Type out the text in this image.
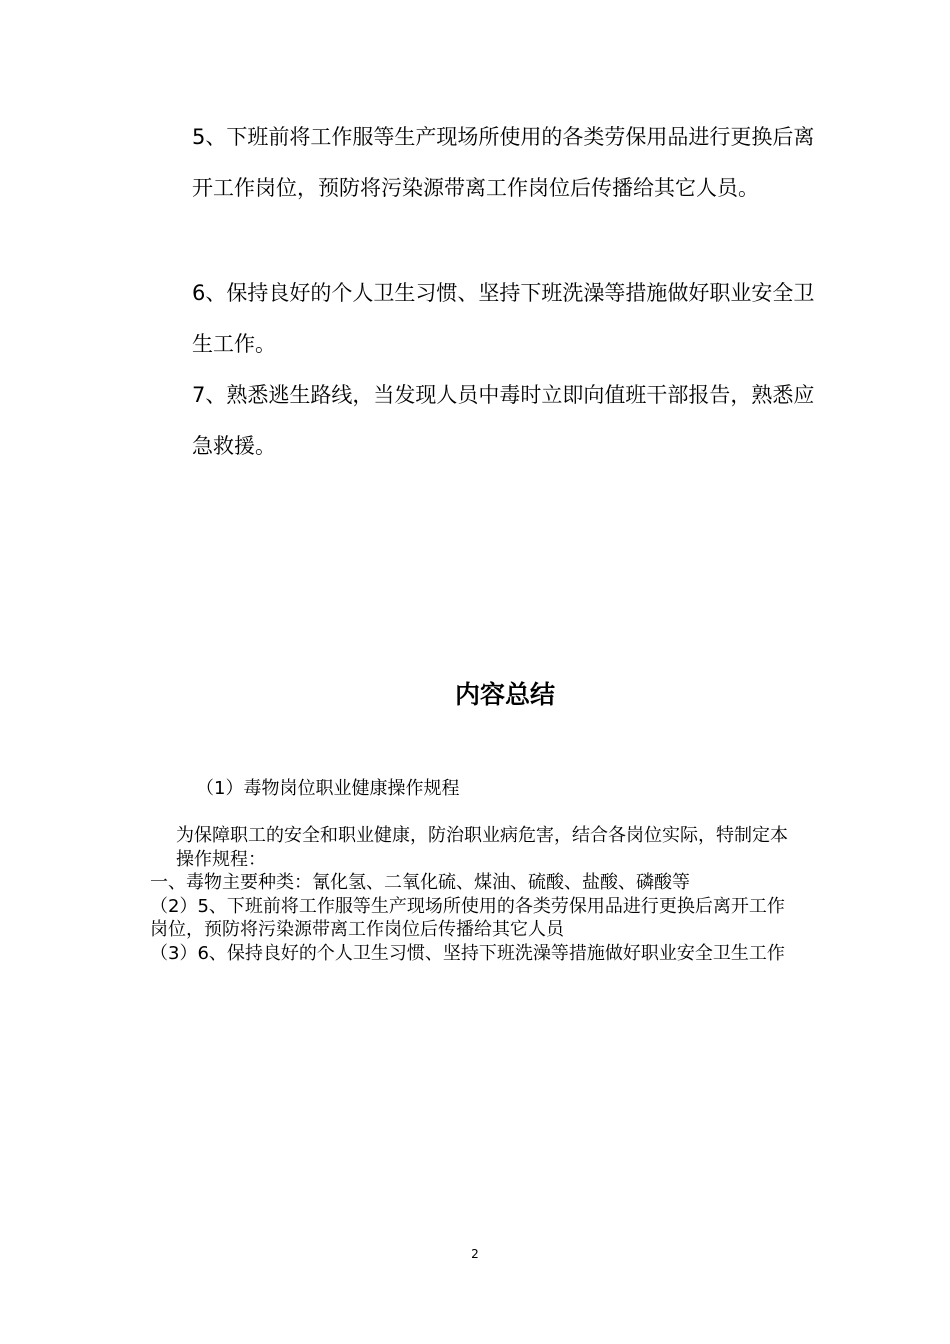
5、下班前将工作服等生产现场所使用的各类劳保用品进行更换后离开工作岗位，预防将污染源带离工作岗位后传播给其它人员。

6、保持良好的个人卫生习惯、坚持下班洗澡等措施做好职业安全卫生工作。

7、熟悉逃生路线，当发现人员中毒时立即向值班干部报告，熟悉应急救援。

内容总结

（1）毒物岗位职业健康操作规程

为保障职工的安全和职业健康，防治职业病危害，结合各岗位实际，特制定本操作规程：
一、毒物主要种类：氰化氢、二氧化硫、煤油、硫酸、盐酸、磷酸等
（2）5、下班前将工作服等生产现场所使用的各类劳保用品进行更换后离开工作岗位，预防将污染源带离工作岗位后传播给其它人员
（3）6、保持良好的个人卫生习惯、坚持下班洗澡等措施做好职业安全卫生工作
2
